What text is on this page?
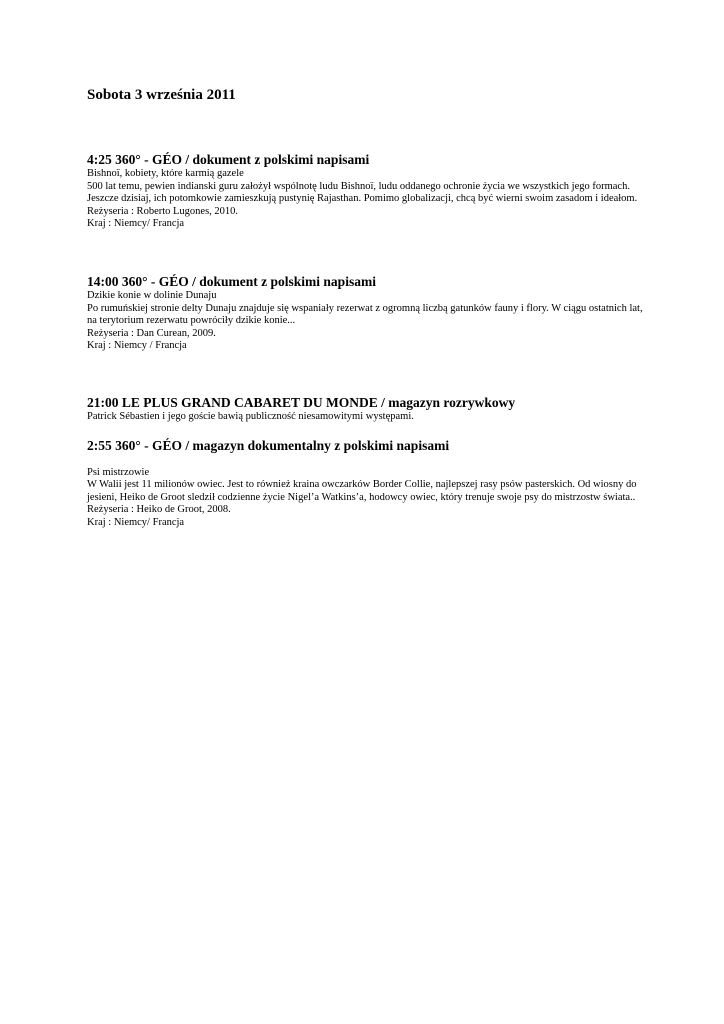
Sobota 3 września 2011
4:25 360° - GÉO / dokument z polskimi napisami

Bishnoï, kobiety, które karmią gazele

500 lat temu, pewien indianski guru założył wspólnotę ludu Bishnoï, ludu oddanego ochronie życia we wszystkich jego formach. Jeszcze dzisiaj, ich potomkowie zamieszkują pustynię Rajasthan. Pomimo globalizacji, chcą być wierni swoim zasadom i ideałom.

Reżyseria : Roberto Lugones, 2010.

Kraj : Niemcy/ Francja

14:00 360° - GÉO / dokument z polskimi napisami

Dzikie konie w dolinie Dunaju

Po rumuńskiej stronie delty Dunaju znajduje się wspaniały rezerwat z ogromną liczbą gatunków fauny i flory. W ciągu ostatnich lat, na terytorium rezerwatu powróciły dzikie konie...

Reżyseria : Dan Curean, 2009.

Kraj : Niemcy / Francja

21:00 LE PLUS GRAND CABARET DU MONDE / magazyn rozrywkowy

Patrick Sébastien i jego goście bawią publiczność niesamowitymi występami.

2:55 360° - GÉO / magazyn dokumentalny z polskimi napisami

Psi mistrzowie

W Walii jest 11 milionów owiec. Jest to również kraina owczarków Border Collie, najlepszej rasy psów pasterskich. Od wiosny do jesieni, Heiko de Groot sledził codzienne życie Nigel’a Watkins’a, hodowcy owiec, który trenuje swoje psy do mistrzostw świata..

Reżyseria : Heiko de Groot, 2008.

Kraj : Niemcy/ Francja
